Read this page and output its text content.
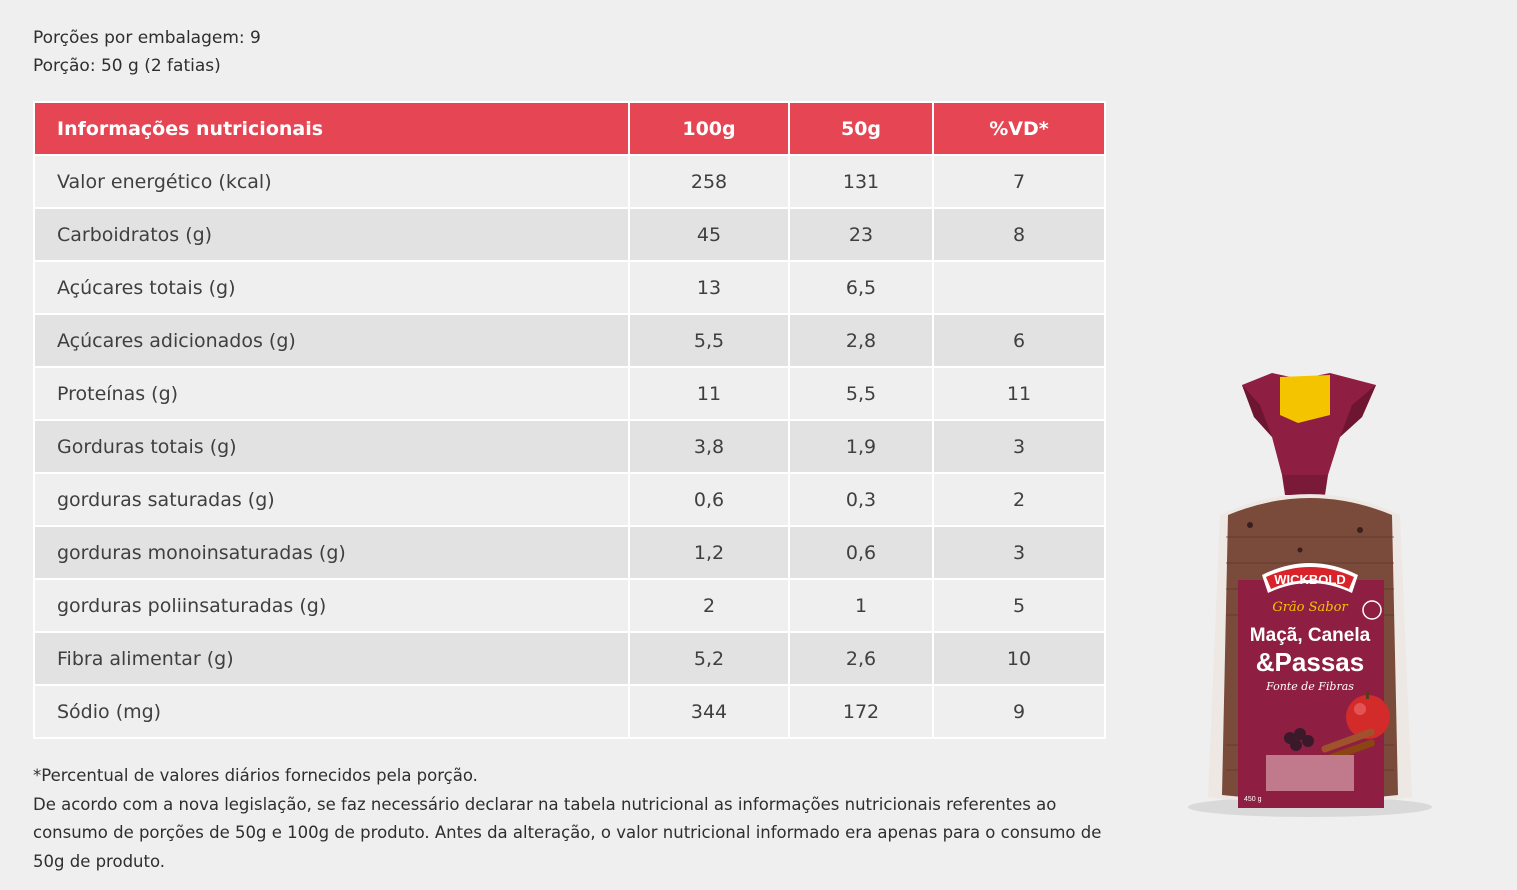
Porções por embalagem: 9
Porção: 50 g (2 fatias)
Informações nutricionais	100g	50g	%VD*
Valor energético (kcal)	258	131	7
Carboidratos (g)	45	23	8
Açúcares totais (g)	13	6,5	
Açúcares adicionados (g)	5,5	2,8	6
Proteínas (g)	11	5,5	11
Gorduras totais (g)	3,8	1,9	3
gorduras saturadas (g)	0,6	0,3	2
gorduras monoinsaturadas (g)	1,2	0,6	3
gorduras poliinsaturadas (g)	2	1	5
Fibra alimentar (g)	5,2	2,6	10
Sódio (mg)	344	172	9
*Percentual de valores diários fornecidos pela porção.
De acordo com a nova legislação, se faz necessário declarar na tabela nutricional as informações nutricionais referentes ao consumo de porções de 50g e 100g de produto. Antes da alteração, o valor nutricional informado era apenas para o consumo de 50g de produto.
WICKBOLD
Grão Sabor
Maçã, Canela
&Passas
Fonte de Fibras
450 g
